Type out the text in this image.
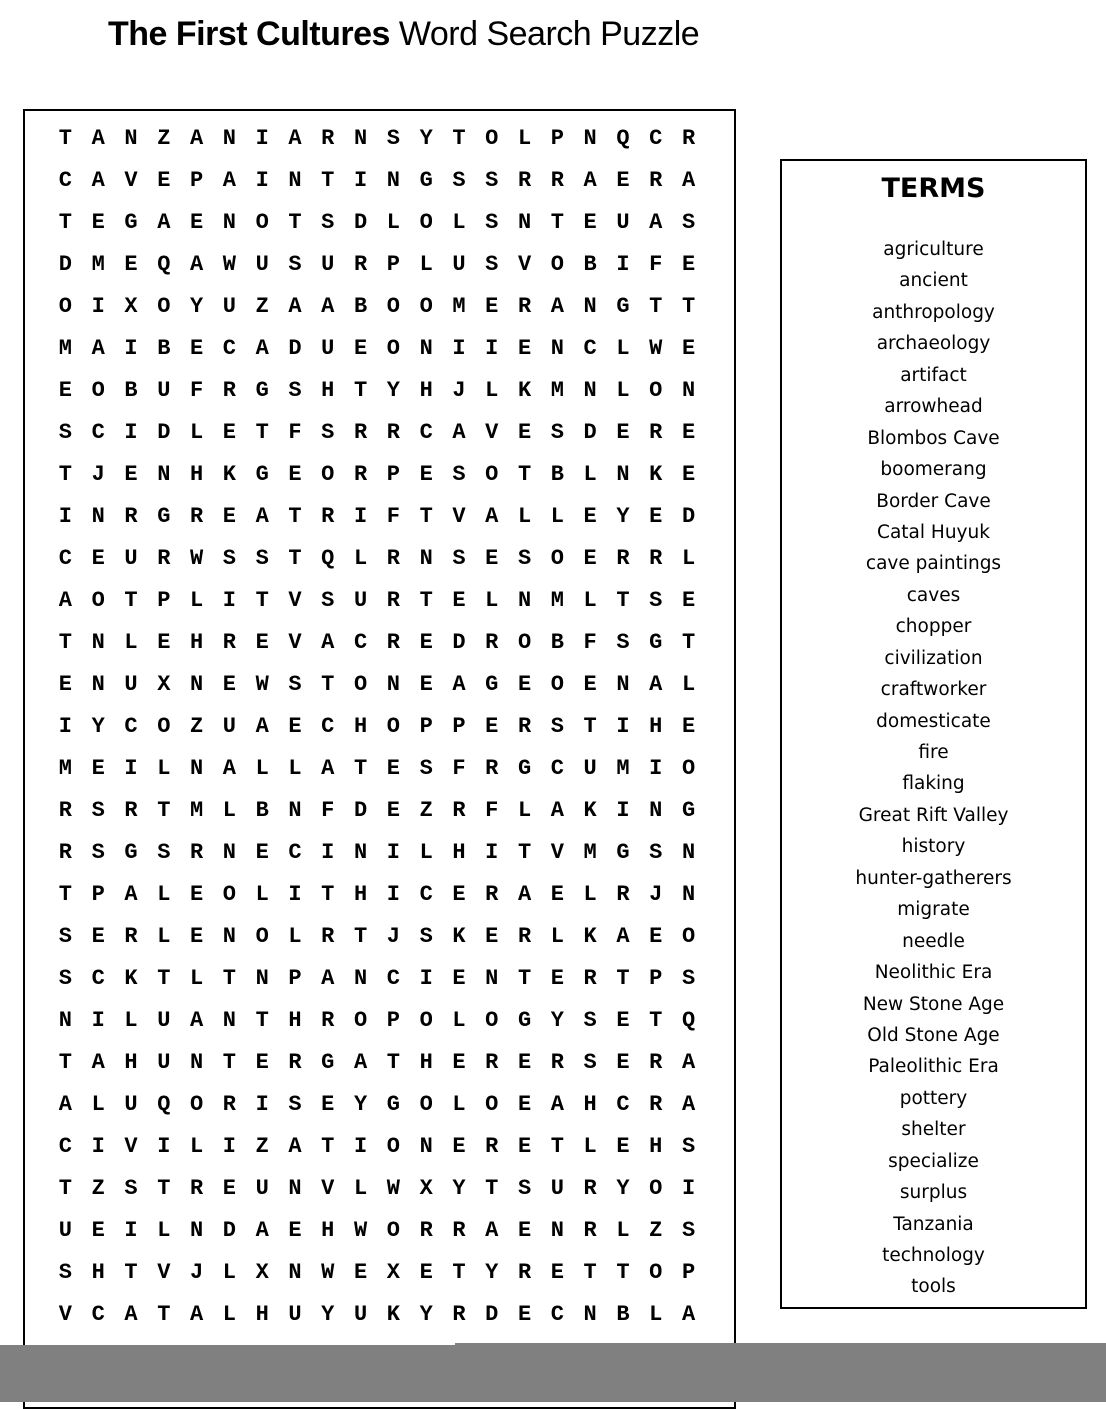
The First Cultures Word Search Puzzle
T A N Z A N I A R N S Y T O L P N Q C R
C A V E P A I N T I N G S S R R A E R A
T E G A E N O T S D L O L S N T E U A S
D M E Q A W U S U R P L U S V O B I F E
O I X O Y U Z A A B O O M E R A N G T T
M A I B E C A D U E O N I I E N C L W E
E O B U F R G S H T Y H J L K M N L O N
S C I D L E T F S R R C A V E S D E R E
T J E N H K G E O R P E S O T B L N K E
I N R G R E A T R I F T V A L L E Y E D
C E U R W S S T Q L R N S E S O E R R L
A O T P L I T V S U R T E L N M L T S E
T N L E H R E V A C R E D R O B F S G T
E N U X N E W S T O N E A G E O E N A L
I Y C O Z U A E C H O P P E R S T I H E
M E I L N A L L A T E S F R G C U M I O
R S R T M L B N F D E Z R F L A K I N G
R S G S R N E C I N I L H I T V M G S N
T P A L E O L I T H I C E R A E L R J N
S E R L E N O L R T J S K E R L K A E O
S C K T L T N P A N C I E N T E R T P S
N I L U A N T H R O P O L O G Y S E T Q
T A H U N T E R G A T H E R E R S E R A
A L U Q O R I S E Y G O L O E A H C R A
C I V I L I Z A T I O N E R E T L E H S
T Z S T R E U N V L W X Y T S U R Y O I
U E I L N D A E H W O R R A E N R L Z S
S H T V J L X N W E X E T Y R E T T O P
V C A T A L H U Y U K Y R D E C N B L A
TERMS
agriculture
ancient
anthropology
archaeology
artifact
arrowhead
Blombos Cave
boomerang
Border Cave
Catal Huyuk
cave paintings
caves
chopper
civilization
craftworker
domesticate
fire
flaking
Great Rift Valley
history
hunter-gatherers
migrate
needle
Neolithic Era
New Stone Age
Old Stone Age
Paleolithic Era
pottery
shelter
specialize
surplus
Tanzania
technology
tools
